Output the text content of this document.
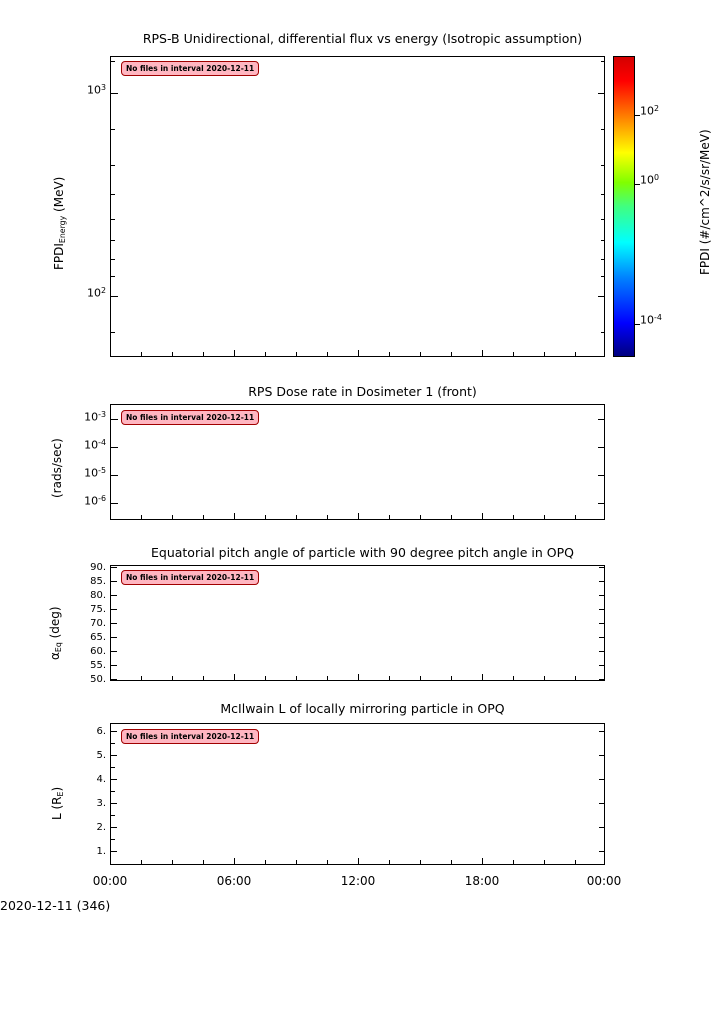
RPS-B Unidirectional, differential flux vs energy (Isotropic assumption)
No files in interval 2020-12-11
$10^3$
$10^2$
$FPDI_{Energy}$ (MeV)
$10^2$
$10^0$
$10^{-4}$
FPDI (#/cm^2/s/sr/MeV)
RPS Dose rate in Dosimeter 1 (front)
No files in interval 2020-12-11
$10^{-3}$
$10^{-4}$
$10^{-5}$
$10^{-6}$
(rads/sec)
Equatorial pitch angle of particle with 90 degree pitch angle in OPQ
No files in interval 2020-12-11
90.
85.
80.
75.
70.
65.
60.
55.
50.
$\alpha_{Eq}$ (deg)
McIlwain L of locally mirroring particle in OPQ
No files in interval 2020-12-11
6.
5.
4.
3.
2.
1.
L $(R_E)$
00:00	06:00	12:00	18:00	00:00
2020-12-11 (346)
